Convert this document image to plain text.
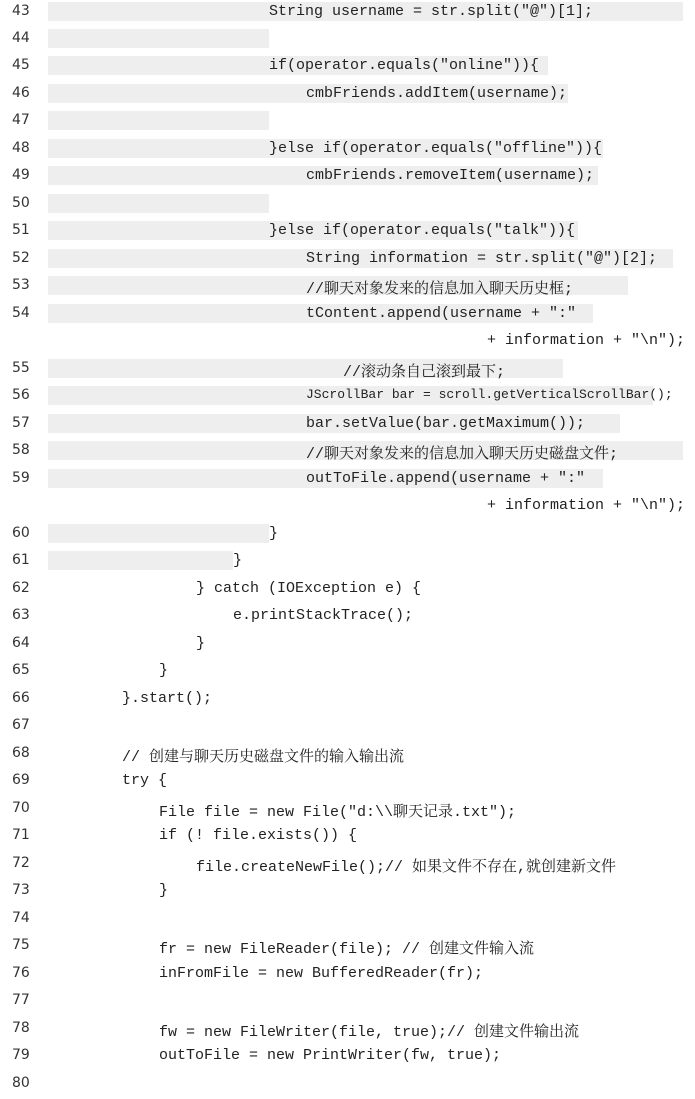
43	String username = str.split("@")[1];
44
45	if(operator.equals("online")){
46	cmbFriends.addItem(username);
47
48	}else if(operator.equals("offline")){
49	cmbFriends.removeItem(username);
50
51	}else if(operator.equals("talk")){
52	String information = str.split("@")[2];
53	//聊天对象发来的信息加入聊天历史框;
54	tContent.append(username + ":"
+ information + "\n");
55	//滚动条自己滚到最下;
56	JScrollBar bar = scroll.getVerticalScrollBar();
57	bar.setValue(bar.getMaximum());
58	//聊天对象发来的信息加入聊天历史磁盘文件;
59	outToFile.append(username + ":"
+ information + "\n");
60	}
61	}
62	} catch (IOException e) {
63	e.printStackTrace();
64	}
65	}
66	}.start();
67
68	// 创建与聊天历史磁盘文件的输入输出流
69	try {
70	File file = new File("d:\\聊天记录.txt");
71	if (! file.exists()) {
72	file.createNewFile();// 如果文件不存在,就创建新文件
73	}
74
75	fr = new FileReader(file); // 创建文件输入流
76	inFromFile = new BufferedReader(fr);
77
78	fw = new FileWriter(file, true);// 创建文件输出流
79	outToFile = new PrintWriter(fw, true);
80
